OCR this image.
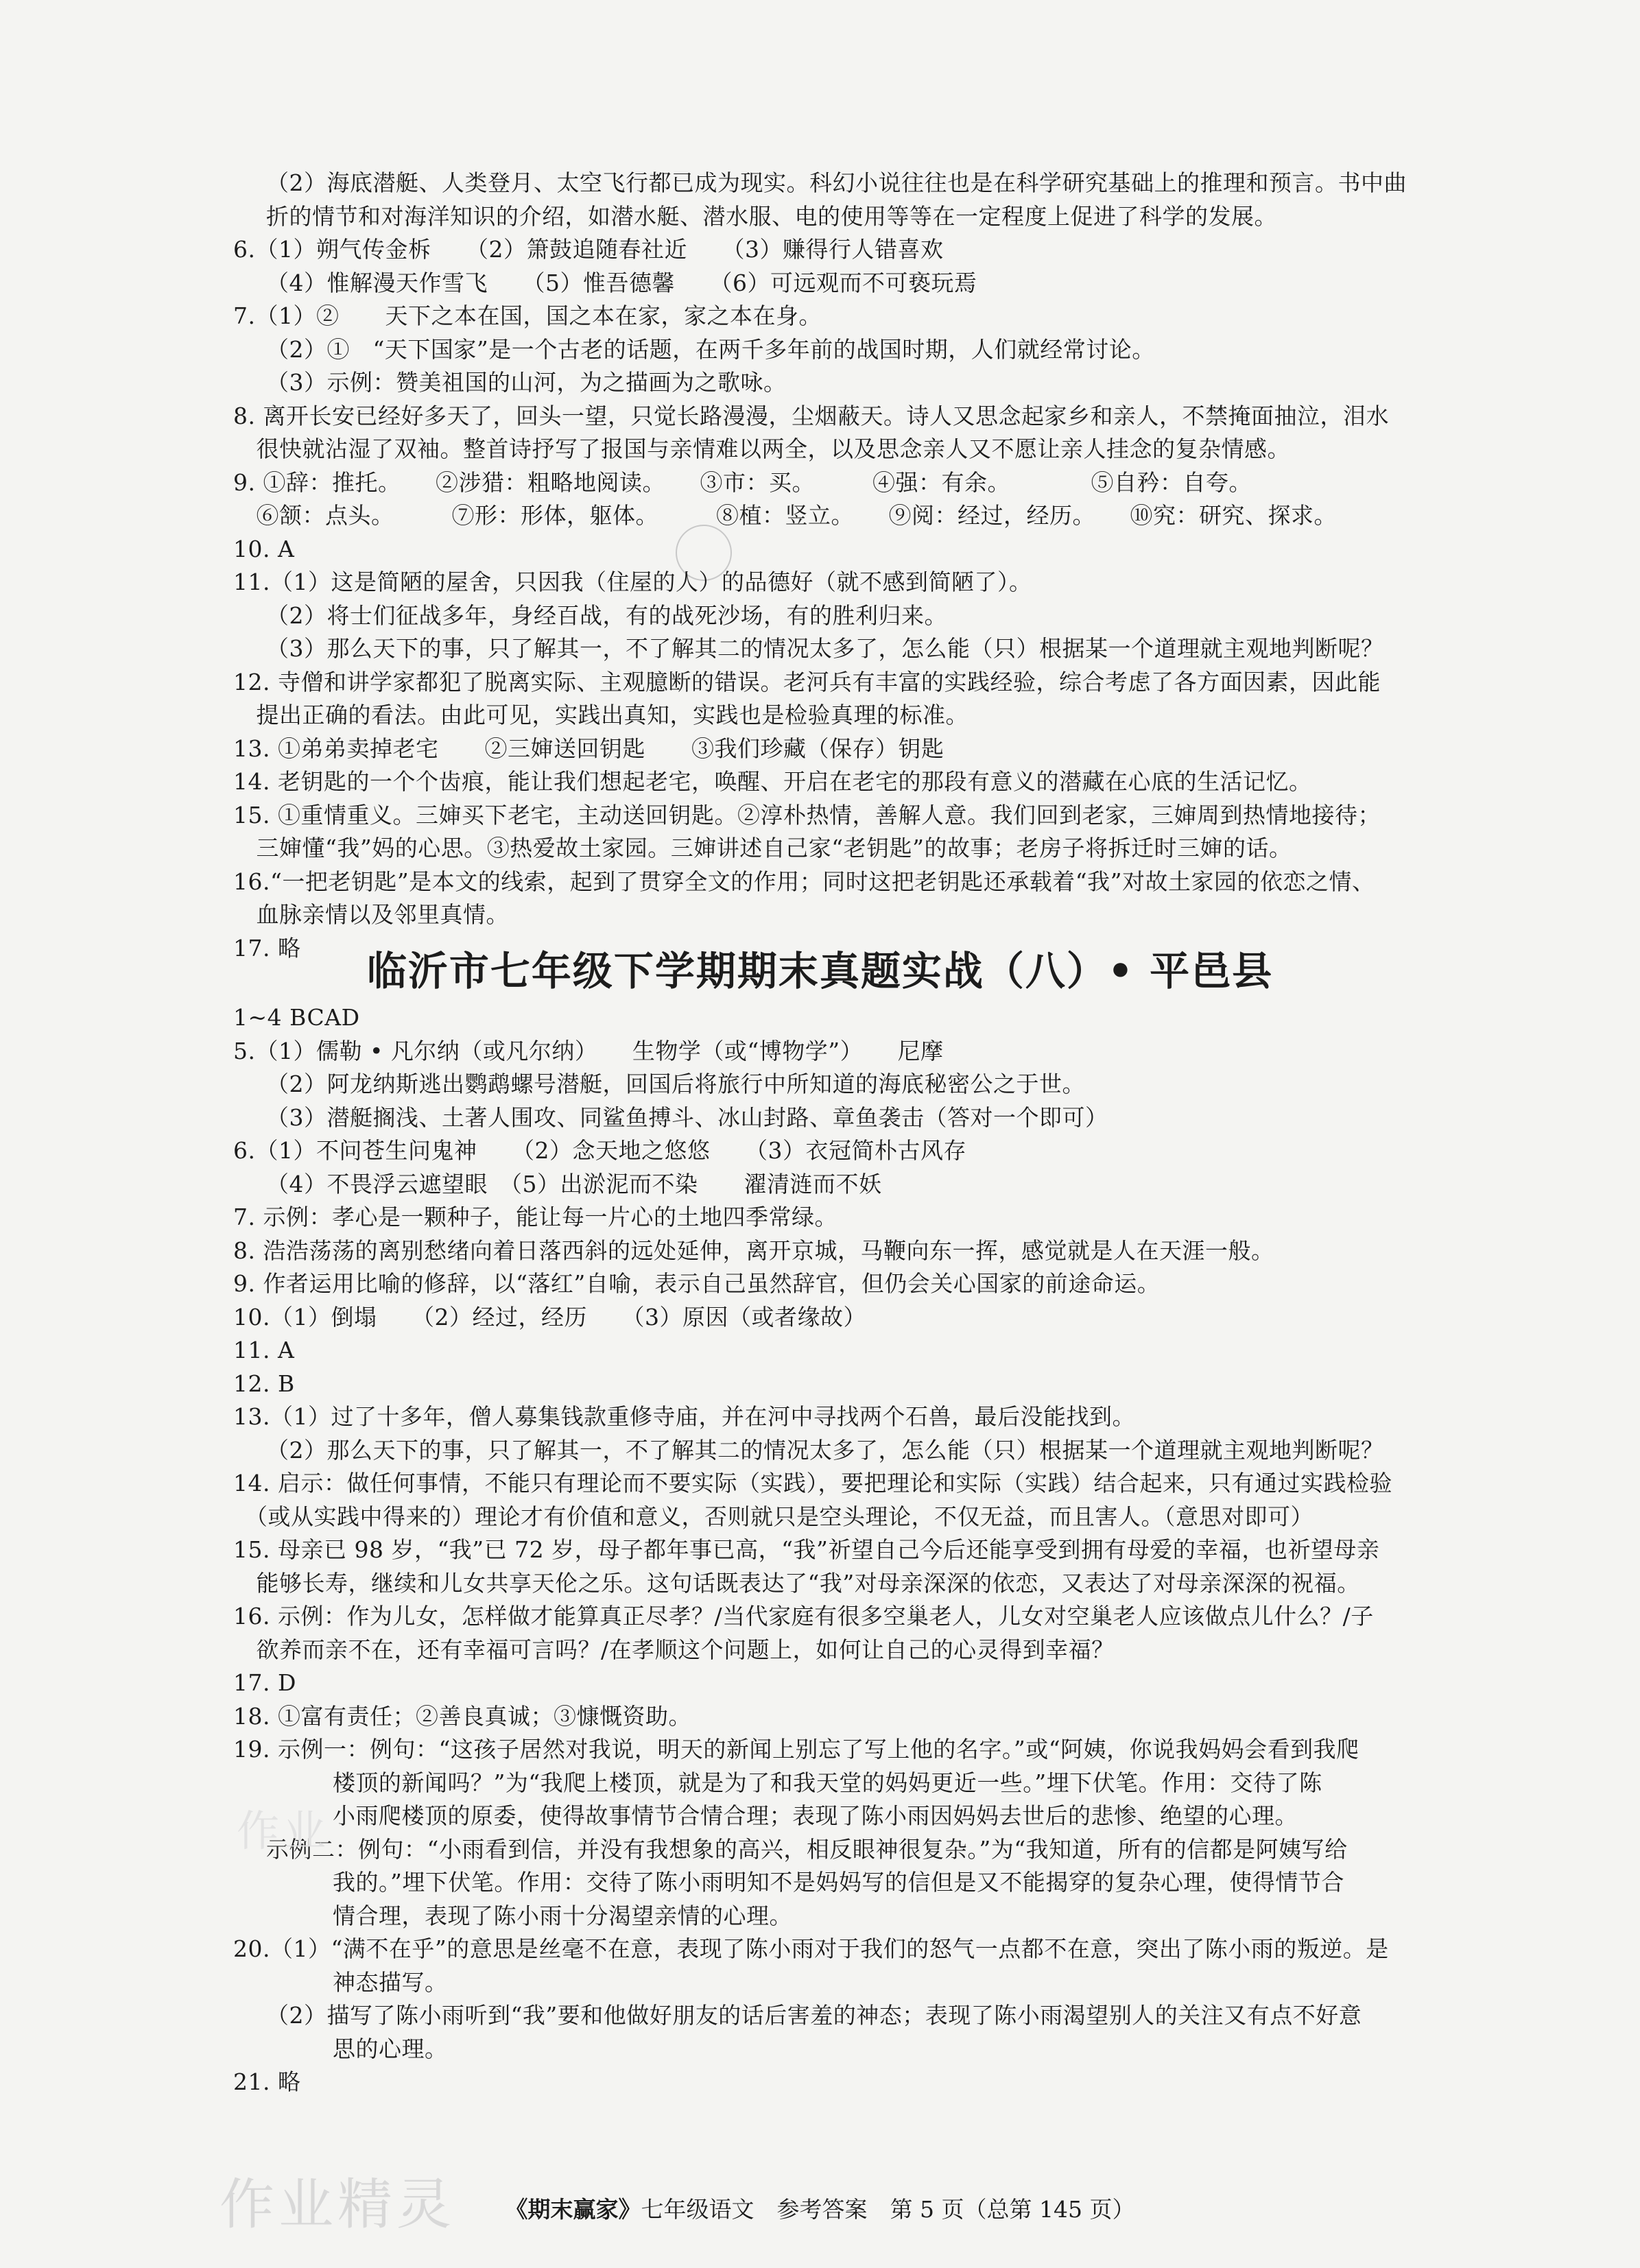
（2）海底潜艇、人类登月、太空飞行都已成为现实。科幻小说往往也是在科学研究基础上的推理和预言。书中曲
折的情节和对海洋知识的介绍，如潜水艇、潜水服、电的使用等等在一定程度上促进了科学的发展。
6.（1）朔气传金柝　　（2）箫鼓追随春社近　　（3）赚得行人错喜欢
（4）惟解漫天作雪飞　　（5）惟吾德馨　　（6）可远观而不可亵玩焉
7.（1）②　　天下之本在国，国之本在家，家之本在身。
（2）①　“天下国家”是一个古老的话题，在两千多年前的战国时期，人们就经常讨论。
（3）示例：赞美祖国的山河，为之描画为之歌咏。
8. 离开长安已经好多天了，回头一望，只觉长路漫漫，尘烟蔽天。诗人又思念起家乡和亲人，不禁掩面抽泣，泪水
　很快就沾湿了双袖。整首诗抒写了报国与亲情难以两全，以及思念亲人又不愿让亲人挂念的复杂情感。
9. ①辞：推托。　　②涉猎：粗略地阅读。　　③市：买。　　　④强：有余。　　　　⑤自矜：自夸。
　⑥颔：点头。　　　⑦形：形体，躯体。　　　⑧植：竖立。　　⑨阅：经过，经历。　　⑩究：研究、探求。
10. A
11.（1）这是简陋的屋舍，只因我（住屋的人）的品德好（就不感到简陋了）。
（2）将士们征战多年，身经百战，有的战死沙场，有的胜利归来。
（3）那么天下的事，只了解其一，不了解其二的情况太多了，怎么能（只）根据某一个道理就主观地判断呢？
12. 寺僧和讲学家都犯了脱离实际、主观臆断的错误。老河兵有丰富的实践经验，综合考虑了各方面因素，因此能
　提出正确的看法。由此可见，实践出真知，实践也是检验真理的标准。
13. ①弟弟卖掉老宅　　②三婶送回钥匙　　③我们珍藏（保存）钥匙
14. 老钥匙的一个个齿痕，能让我们想起老宅，唤醒、开启在老宅的那段有意义的潜藏在心底的生活记忆。
15. ①重情重义。三婶买下老宅，主动送回钥匙。②淳朴热情，善解人意。我们回到老家，三婶周到热情地接待；
　三婶懂“我”妈的心思。③热爱故土家园。三婶讲述自己家“老钥匙”的故事；老房子将拆迁时三婶的话。
16.“一把老钥匙”是本文的线索，起到了贯穿全文的作用；同时这把老钥匙还承载着“我”对故土家园的依恋之情、
　血脉亲情以及邻里真情。
17. 略	临沂市七年级下学期期末真题实战（八）• 平邑县
1~4 BCAD
5.（1）儒勒 • 凡尔纳（或凡尔纳）　　生物学（或“博物学”）　　尼摩
（2）阿龙纳斯逃出鹦鹉螺号潜艇，回国后将旅行中所知道的海底秘密公之于世。
（3）潜艇搁浅、土著人围攻、同鲨鱼搏斗、冰山封路、章鱼袭击（答对一个即可）
6.（1）不问苍生问鬼神　　（2）念天地之悠悠　　（3）衣冠简朴古风存
（4）不畏浮云遮望眼　（5）出淤泥而不染　　濯清涟而不妖
7. 示例：孝心是一颗种子，能让每一片心的土地四季常绿。
8. 浩浩荡荡的离别愁绪向着日落西斜的远处延伸，离开京城，马鞭向东一挥，感觉就是人在天涯一般。
9. 作者运用比喻的修辞，以“落红”自喻，表示自己虽然辞官，但仍会关心国家的前途命运。
10.（1）倒塌　　（2）经过，经历　　（3）原因（或者缘故）
11. A
12. B
13.（1）过了十多年，僧人募集钱款重修寺庙，并在河中寻找两个石兽，最后没能找到。
（2）那么天下的事，只了解其一，不了解其二的情况太多了，怎么能（只）根据某一个道理就主观地判断呢？
14. 启示：做任何事情，不能只有理论而不要实际（实践），要把理论和实际（实践）结合起来，只有通过实践检验
　（或从实践中得来的）理论才有价值和意义，否则就只是空头理论，不仅无益，而且害人。（意思对即可）
15. 母亲已 98 岁，“我”已 72 岁，母子都年事已高，“我”祈望自己今后还能享受到拥有母爱的幸福，也祈望母亲
　能够长寿，继续和儿女共享天伦之乐。这句话既表达了“我”对母亲深深的依恋，又表达了对母亲深深的祝福。
16. 示例：作为儿女，怎样做才能算真正尽孝？/当代家庭有很多空巢老人，儿女对空巢老人应该做点儿什么？/子
　欲养而亲不在，还有幸福可言吗？/在孝顺这个问题上，如何让自己的心灵得到幸福？
17. D
18. ①富有责任；②善良真诚；③慷慨资助。
19. 示例一：例句：“这孩子居然对我说，明天的新闻上别忘了写上他的名字。”或“阿姨，你说我妈妈会看到我爬
楼顶的新闻吗？”为“我爬上楼顶，就是为了和我天堂的妈妈更近一些。”埋下伏笔。作用：交待了陈
小雨爬楼顶的原委，使得故事情节合情合理；表现了陈小雨因妈妈去世后的悲惨、绝望的心理。
示例二：例句：“小雨看到信，并没有我想象的高兴，相反眼神很复杂。”为“我知道，所有的信都是阿姨写给
我的。”埋下伏笔。作用：交待了陈小雨明知不是妈妈写的信但是又不能揭穿的复杂心理，使得情节合
情合理，表现了陈小雨十分渴望亲情的心理。
20.（1）“满不在乎”的意思是丝毫不在意，表现了陈小雨对于我们的怒气一点都不在意，突出了陈小雨的叛逆。是
神态描写。
（2）描写了陈小雨听到“我”要和他做好朋友的话后害羞的神态；表现了陈小雨渴望别人的关注又有点不好意
思的心理。
21. 略
作业
《期末赢家》七年级语文　参考答案　第 5 页（总第 145 页）
作业精灵
